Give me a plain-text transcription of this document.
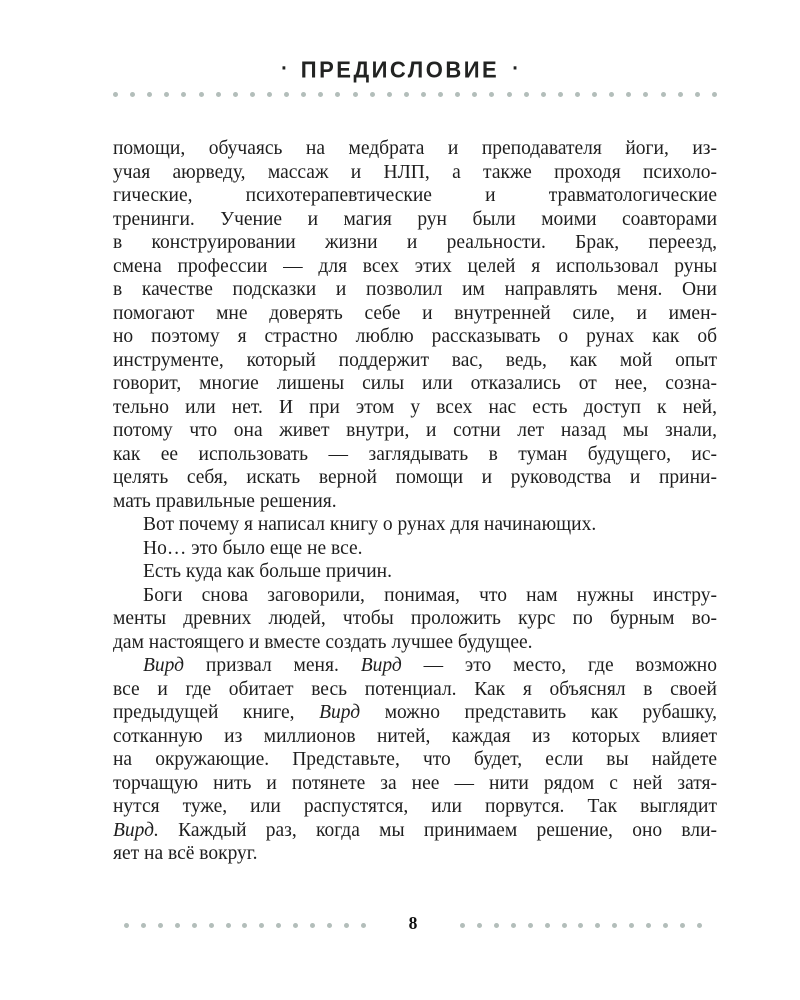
· ПРЕДИСЛОВИЕ ·
помощи, обучаясь на медбрата и преподавателя йоги, из-
учая аюрведу, массаж и НЛП, а также проходя психоло-
гические, психотерапевтические и травматологические
тренинги. Учение и магия рун были моими соавторами
в конструировании жизни и реальности. Брак, переезд,
смена профессии — для всех этих целей я использовал руны
в качестве подсказки и позволил им направлять меня. Они
помогают мне доверять себе и внутренней силе, и имен-
но поэтому я страстно люблю рассказывать о рунах как об
инструменте, который поддержит вас, ведь, как мой опыт
говорит, многие лишены силы или отказались от нее, созна-
тельно или нет. И при этом у всех нас есть доступ к ней,
потому что она живет внутри, и сотни лет назад мы знали,
как ее использовать — заглядывать в туман будущего, ис-
целять себя, искать верной помощи и руководства и прини-
мать правильные решения.
Вот почему я написал книгу о рунах для начинающих.
Но… это было еще не все.
Есть куда как больше причин.
Боги снова заговорили, понимая, что нам нужны инстру-
менты древних людей, чтобы проложить курс по бурным во-
дам настоящего и вместе создать лучшее будущее.
Вирд призвал меня. Вирд — это место, где возможно
все и где обитает весь потенциал. Как я объяснял в своей
предыдущей книге, Вирд можно представить как рубашку,
сотканную из миллионов нитей, каждая из которых влияет
на окружающие. Представьте, что будет, если вы найдете
торчащую нить и потянете за нее — нити рядом с ней затя-
нутся туже, или распустятся, или порвутся. Так выглядит
Вирд. Каждый раз, когда мы принимаем решение, оно вли-
яет на всё вокруг.
8
